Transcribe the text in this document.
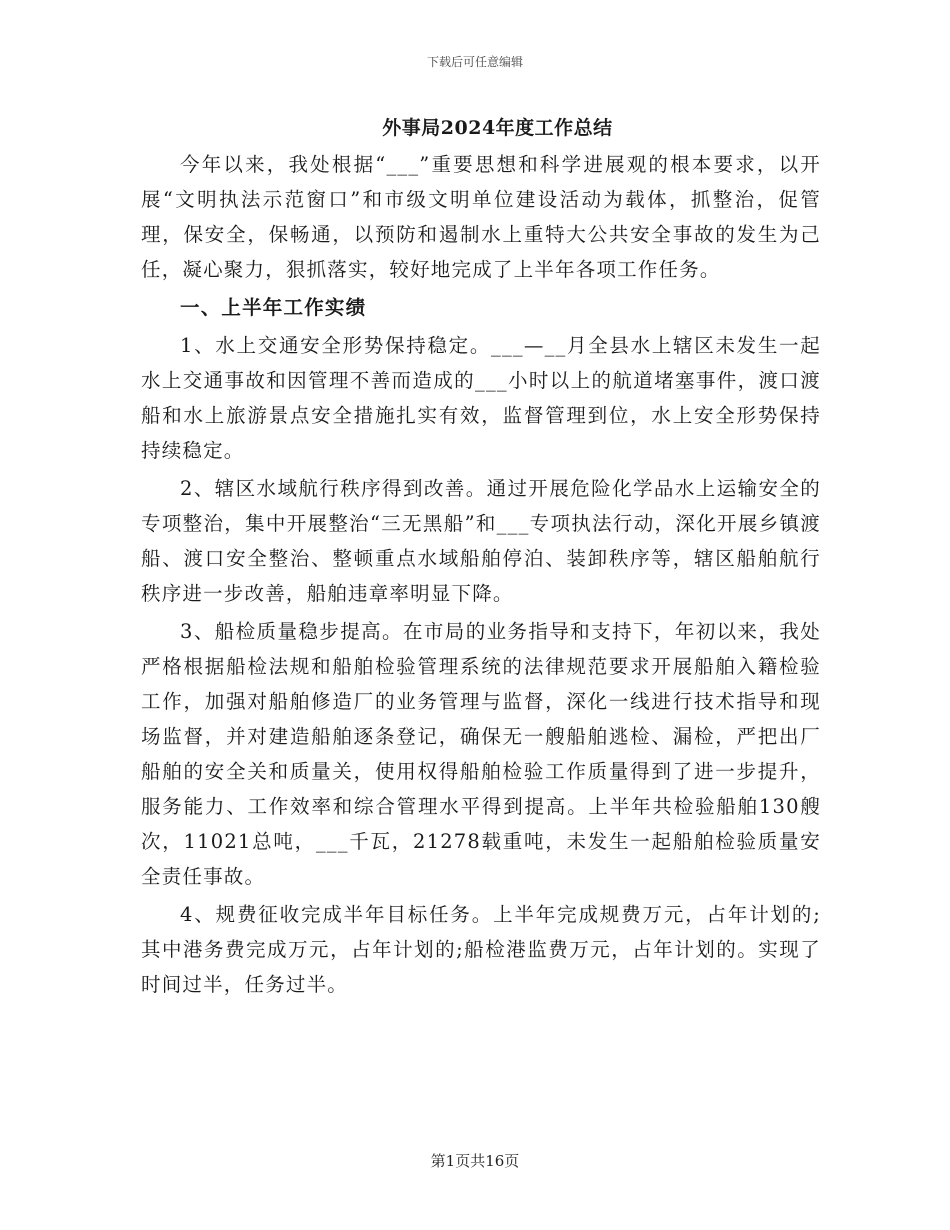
下载后可任意编辑
外事局2024年度工作总结

今年以来，我处根据“___”重要思想和科学进展观的根本要求，以开展“文明执法示范窗口”和市级文明单位建设活动为载体，抓整治，促管理，保安全，保畅通，以预防和遏制水上重特大公共安全事故的发生为己任，凝心聚力，狠抓落实，较好地完成了上半年各项工作任务。

一、上半年工作实绩

1、水上交通安全形势保持稳定。___—__月全县水上辖区未发生一起水上交通事故和因管理不善而造成的___小时以上的航道堵塞事件，渡口渡船和水上旅游景点安全措施扎实有效，监督管理到位，水上安全形势保持持续稳定。

2、辖区水域航行秩序得到改善。通过开展危险化学品水上运输安全的专项整治，集中开展整治“三无黑船”和___专项执法行动，深化开展乡镇渡船、渡口安全整治、整顿重点水域船舶停泊、装卸秩序等，辖区船舶航行秩序进一步改善，船舶违章率明显下降。

3、船检质量稳步提高。在市局的业务指导和支持下，年初以来，我处严格根据船检法规和船舶检验管理系统的法律规范要求开展船舶入籍检验工作，加强对船舶修造厂的业务管理与监督，深化一线进行技术指导和现场监督，并对建造船舶逐条登记，确保无一艘船舶逃检、漏检，严把出厂船舶的安全关和质量关，使用权得船舶检验工作质量得到了进一步提升，服务能力、工作效率和综合管理水平得到提高。上半年共检验船舶130艘次，11021总吨，___千瓦，21278载重吨，未发生一起船舶检验质量安全责任事故。

4、规费征收完成半年目标任务。上半年完成规费万元，占年计划的;其中港务费完成万元，占年计划的;船检港监费万元，占年计划的。实现了时间过半，任务过半。

第1页共16页
